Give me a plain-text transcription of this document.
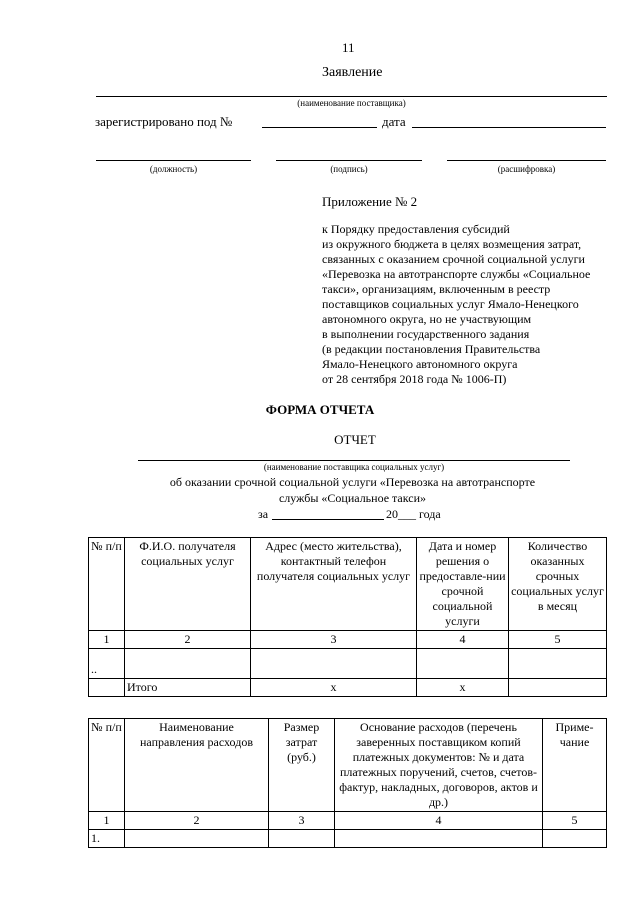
11
Заявление
(наименование поставщика)
зарегистрировано под №	дата
(должность)	(подпись)	(расшифровка)
Приложение № 2
к Порядку предоставления субсидий
из окружного бюджета в целях возмещения затрат,
связанных с оказанием срочной социальной услуги
«Перевозка на автотранспорте службы «Социальное
такси», организациям, включенным в реестр
поставщиков социальных услуг Ямало-Ненецкого
автономного округа, но не участвующим
в выполнении государственного задания
(в редакции постановления Правительства
Ямало-Ненецкого автономного округа
от 28 сентября 2018 года № 1006-П)
ФОРМА ОТЧЕТА
ОТЧЕТ
(наименование поставщика социальных услуг)
об оказании срочной социальной услуги «Перевозка на автотранспорте
службы «Социальное такси»
за	20___ года
№ п/п	Ф.И.О. получателя социальных услуг	Адрес (место жительства), контактный телефон получателя социальных услуг	Дата и номер решения о предоставле-нии срочной социальной услуги	Количество оказанных срочных социальных услуг в месяц
1	2	3	4	5
..				
	Итого	x	x	
№ п/п	Наименование направления расходов	Размер затрат (руб.)	Основание расходов (перечень заверенных поставщиком копий платежных документов: № и дата платежных поручений, счетов, счетов-фактур, накладных, договоров, актов и др.)	Приме-чание
1	2	3	4	5
1.				
